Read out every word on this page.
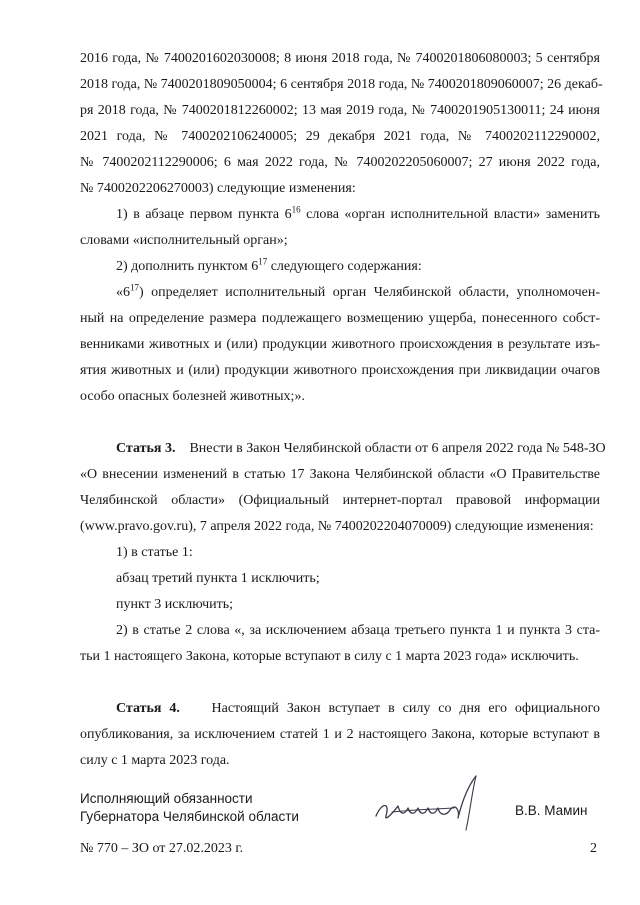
2016 года, № 7400201602030008; 8 июня 2018 года, № 7400201806080003; 5 сентября

2018 года, № 7400201809050004; 6 сентября 2018 года, № 7400201809060007; 26 декаб-

ря 2018 года, № 7400201812260002; 13 мая 2019 года, № 7400201905130011; 24 июня

2021 года, № 7400202106240005; 29 декабря 2021 года, № 7400202112290002,

№ 7400202112290006; 6 мая 2022 года, № 7400202205060007; 27 июня 2022 года,

№ 7400202206270003) следующие изменения:

1) в абзаце первом пункта $6^{16}$ слова «орган исполнительной власти» заменить

словами «исполнительный орган»;

2) дополнить пунктом $6^{17}$ следующего содержания:

«$6^{17}$) определяет исполнительный орган Челябинской области, уполномочен-

ный на определение размера подлежащего возмещению ущерба, понесенного собст-

венниками животных и (или) продукции животного происхождения в результате изъ-

ятия животных и (или) продукции животного происхождения при ликвидации очагов

особо опасных болезней животных;».

Статья 3. Внести в Закон Челябинской области от 6 апреля 2022 года № 548-ЗО

«О внесении изменений в статью 17 Закона Челябинской области «О Правительстве

Челябинской области» (Официальный интернет-портал правовой информации

(www.pravo.gov.ru), 7 апреля 2022 года, № 7400202204070009) следующие изменения:

1) в статье 1:

абзац третий пункта 1 исключить;

пункт 3 исключить;

2) в статье 2 слова «, за исключением абзаца третьего пункта 1 и пункта 3 ста-

тьи 1 настоящего Закона, которые вступают в силу с 1 марта 2023 года» исключить.

Статья 4. Настоящий Закон вступает в силу со дня его официального

опубликования, за исключением статей 1 и 2 настоящего Закона, которые вступают в

силу с 1 марта 2023 года.

Исполняющий обязанности
Губернатора Челябинской области	В.В. Мамин
№ 770 – ЗО от 27.02.2023 г.	2
